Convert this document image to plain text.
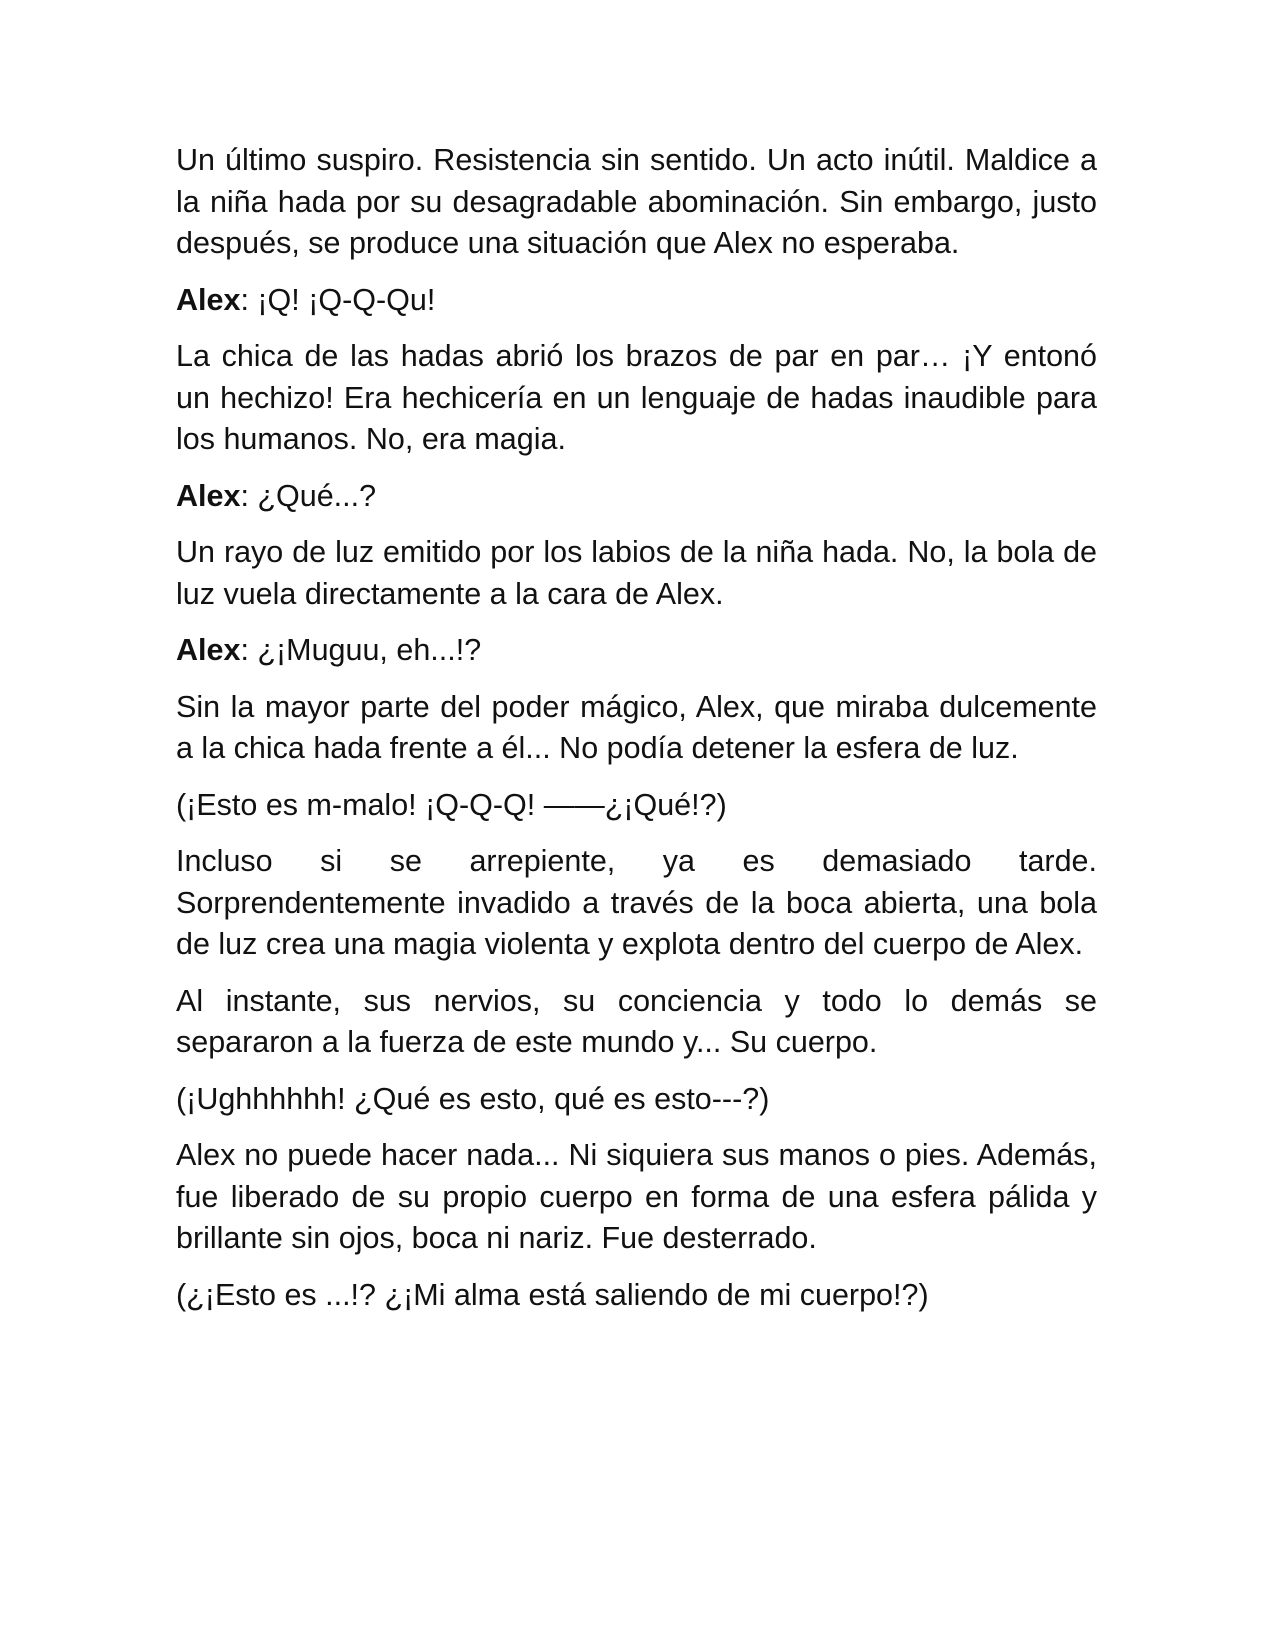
Un último suspiro. Resistencia sin sentido. Un acto inútil. Maldice a la niña hada por su desagradable abominación. Sin embargo, justo después, se produce una situación que Alex no esperaba.

Alex: ¡Q! ¡Q-Q-Qu!

La chica de las hadas abrió los brazos de par en par… ¡Y entonó un hechizo! Era hechicería en un lenguaje de hadas inaudible para los humanos. No, era magia.

Alex: ¿Qué...?

Un rayo de luz emitido por los labios de la niña hada. No, la bola de luz vuela directamente a la cara de Alex.

Alex: ¿¡Muguu, eh...!?

Sin la mayor parte del poder mágico, Alex, que miraba dulcemente a la chica hada frente a él... No podía detener la esfera de luz.

(¡Esto es m-malo! ¡Q-Q-Q! ——¿¡Qué!?)

Incluso si se arrepiente, ya es demasiado tarde. Sorprendentemente invadido a través de la boca abierta, una bola de luz crea una magia violenta y explota dentro del cuerpo de Alex.

Al instante, sus nervios, su conciencia y todo lo demás se separaron a la fuerza de este mundo y... Su cuerpo.

(¡Ughhhhhh! ¿Qué es esto, qué es esto---?)

Alex no puede hacer nada... Ni siquiera sus manos o pies. Además, fue liberado de su propio cuerpo en forma de una esfera pálida y brillante sin ojos, boca ni nariz. Fue desterrado.

(¿¡Esto es ...!? ¿¡Mi alma está saliendo de mi cuerpo!?)
